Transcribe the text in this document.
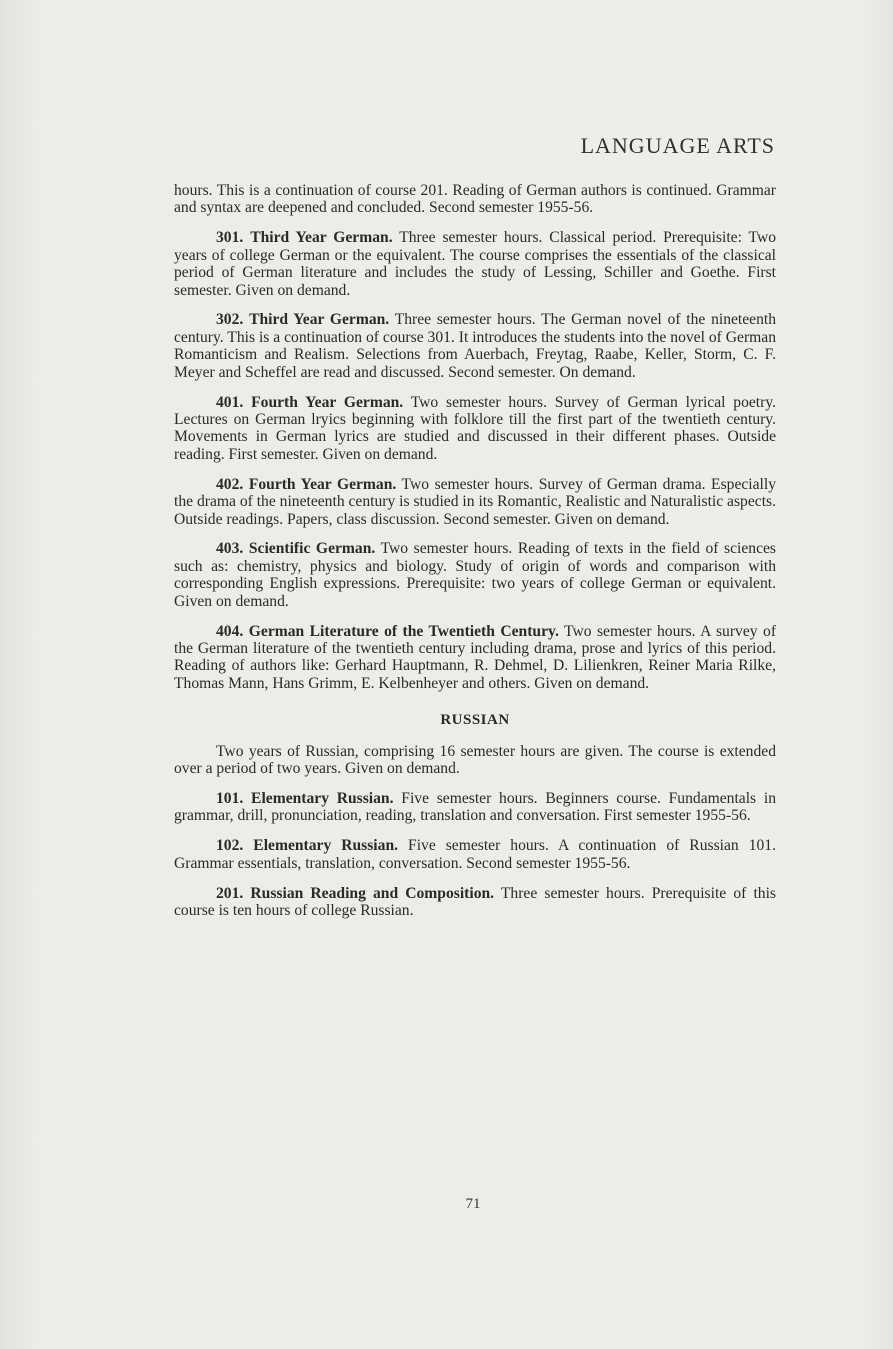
LANGUAGE ARTS

hours. This is a continuation of course 201. Reading of German authors is continued. Grammar and syntax are deepened and concluded. Second semester 1955-56.

301. Third Year German. Three semester hours. Classical period. Prerequisite: Two years of college German or the equivalent. The course comprises the essentials of the classical period of German literature and includes the study of Lessing, Schiller and Goethe. First semester. Given on demand.

302. Third Year German. Three semester hours. The German novel of the nineteenth century. This is a continuation of course 301. It introduces the students into the novel of German Romanticism and Realism. Selections from Auerbach, Freytag, Raabe, Keller, Storm, C. F. Meyer and Scheffel are read and discussed. Second semester. On demand.

401. Fourth Year German. Two semester hours. Survey of German lyrical poetry. Lectures on German lryics beginning with folklore till the first part of the twentieth century. Movements in German lyrics are studied and discussed in their different phases. Outside reading. First semester. Given on demand.

402. Fourth Year German. Two semester hours. Survey of German drama. Especially the drama of the nineteenth century is studied in its Romantic, Realistic and Naturalistic aspects. Outside readings. Papers, class discussion. Second semester. Given on demand.

403. Scientific German. Two semester hours. Reading of texts in the field of sciences such as: chemistry, physics and biology. Study of origin of words and comparison with corresponding English expressions. Prerequisite: two years of college German or equivalent. Given on demand.

404. German Literature of the Twentieth Century. Two semester hours. A survey of the German literature of the twentieth century including drama, prose and lyrics of this period. Reading of authors like: Gerhard Hauptmann, R. Dehmel, D. Lilienkren, Reiner Maria Rilke, Thomas Mann, Hans Grimm, E. Kelbenheyer and others. Given on demand.

RUSSIAN

Two years of Russian, comprising 16 semester hours are given. The course is extended over a period of two years. Given on demand.

101. Elementary Russian. Five semester hours. Beginners course. Fundamentals in grammar, drill, pronunciation, reading, translation and conversation. First semester 1955-56.

102. Elementary Russian. Five semester hours. A continuation of Russian 101. Grammar essentials, translation, conversation. Second semester 1955-56.

201. Russian Reading and Composition. Three semester hours. Prerequisite of this course is ten hours of college Russian.

71
